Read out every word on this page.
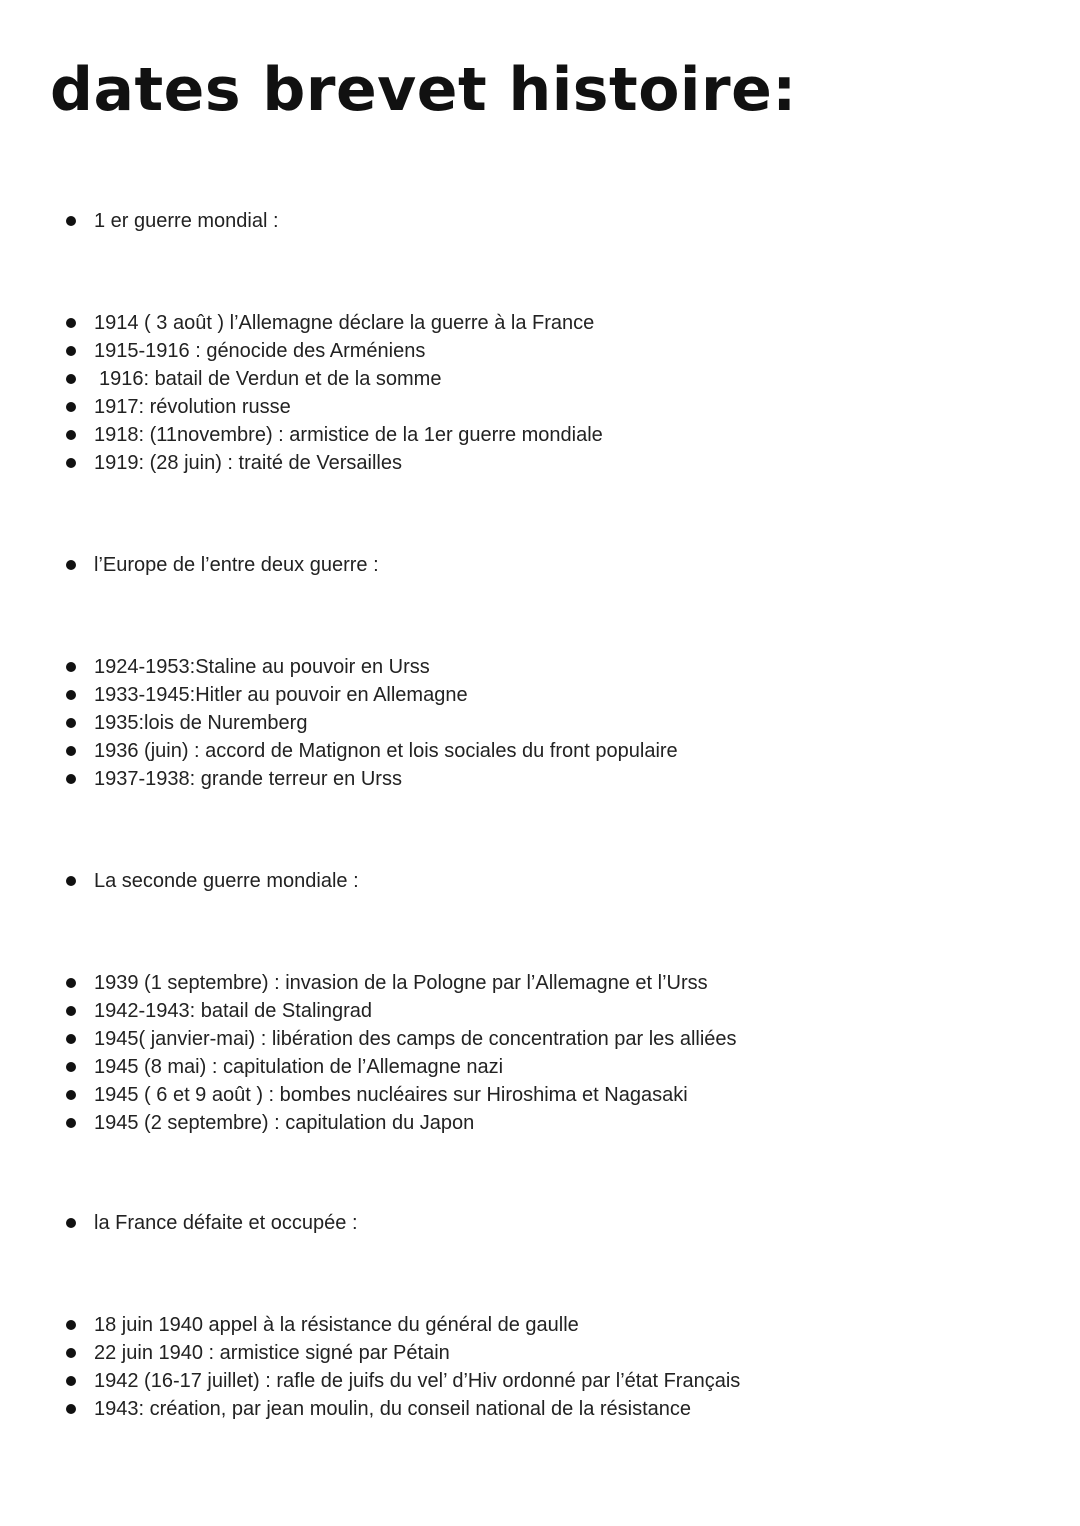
dates brevet histoire:
1 er guerre mondial :
1914 ( 3 août ) l’Allemagne déclare la guerre à la France
1915-1916 : génocide des Arméniens
1916: batail de Verdun et de la somme
1917: révolution russe
1918: (11novembre) : armistice de la 1er guerre mondiale
1919: (28 juin) : traité de Versailles
l’Europe de l’entre deux guerre :
1924-1953:Staline au pouvoir en Urss
1933-1945:Hitler au pouvoir en Allemagne
1935:lois de Nuremberg
1936 (juin) : accord de Matignon et lois sociales du front populaire
1937-1938: grande terreur en Urss
La seconde guerre mondiale :
1939 (1 septembre) : invasion de la Pologne par l’Allemagne et l’Urss
1942-1943: batail de Stalingrad
1945( janvier-mai) : libération des camps de concentration par les alliées
1945 (8 mai) : capitulation de l’Allemagne nazi
1945 ( 6 et 9 août ) : bombes nucléaires sur Hiroshima et Nagasaki
1945 (2 septembre) : capitulation du Japon
la France défaite et occupée :
18 juin 1940 appel à la résistance du général de gaulle
22 juin 1940 : armistice signé par Pétain
1942 (16-17 juillet) : rafle de juifs du vel’ d’Hiv ordonné par l’état Français
1943: création, par jean moulin, du conseil national de la résistance
